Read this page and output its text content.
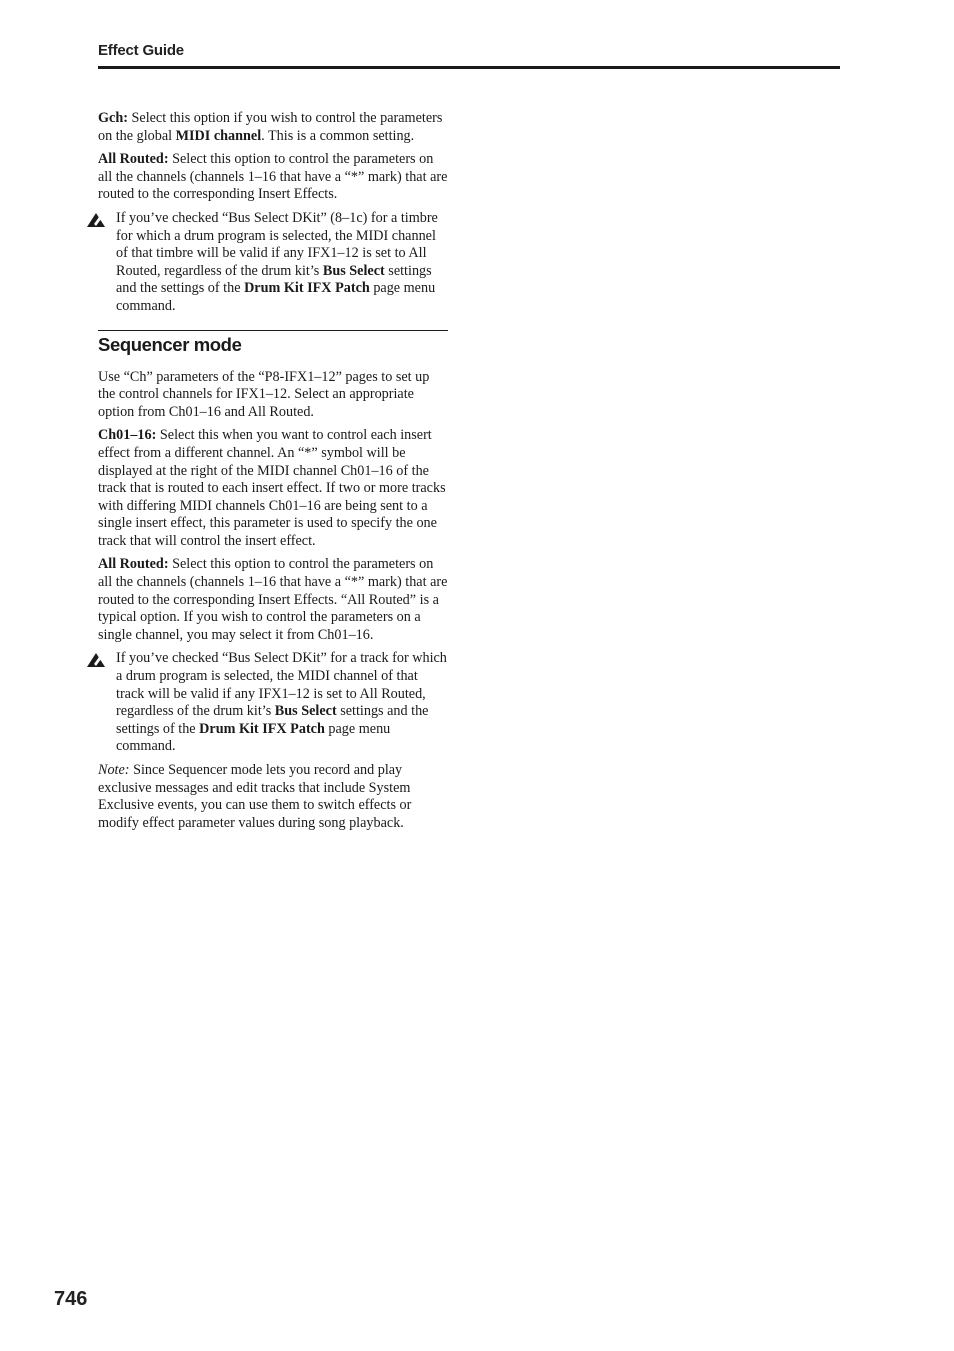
Effect Guide

Gch: Select this option if you wish to control the parameters on the global MIDI channel. This is a common setting.

All Routed: Select this option to control the parameters on all the channels (channels 1–16 that have a “*” mark) that are routed to the corresponding Insert Effects.

If you’ve checked “Bus Select DKit” (8–1c) for a timbre for which a drum program is selected, the MIDI channel of that timbre will be valid if any IFX1–12 is set to All Routed, regardless of the drum kit’s Bus Select settings and the settings of the Drum Kit IFX Patch page menu command.

Sequencer mode

Use “Ch” parameters of the “P8-IFX1–12” pages to set up the control channels for IFX1–12. Select an appropriate option from Ch01–16 and All Routed.

Ch01–16: Select this when you want to control each insert effect from a different channel. An “*” symbol will be displayed at the right of the MIDI channel Ch01–16 of the track that is routed to each insert effect. If two or more tracks with differing MIDI channels Ch01–16 are being sent to a single insert effect, this parameter is used to specify the one track that will control the insert effect.

All Routed: Select this option to control the parameters on all the channels (channels 1–16 that have a “*” mark) that are routed to the corresponding Insert Effects. “All Routed” is a typical option. If you wish to control the parameters on a single channel, you may select it from Ch01–16.

If you’ve checked “Bus Select DKit” for a track for which a drum program is selected, the MIDI channel of that track will be valid if any IFX1–12 is set to All Routed, regardless of the drum kit’s Bus Select settings and the settings of the Drum Kit IFX Patch page menu command.

Note: Since Sequencer mode lets you record and play exclusive messages and edit tracks that include System Exclusive events, you can use them to switch effects or modify effect parameter values during song playback.

746
